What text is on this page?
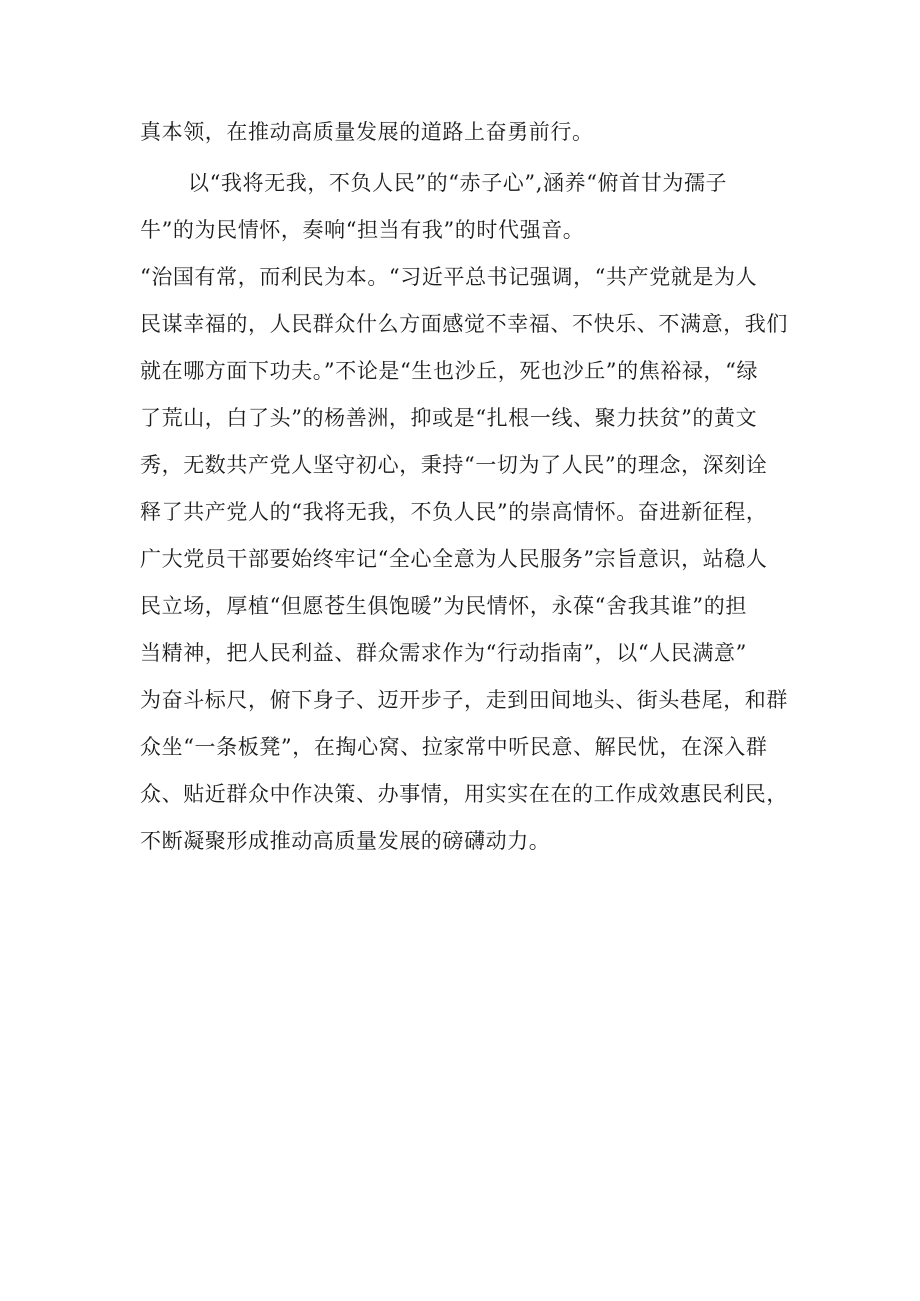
真本领，在推动高质量发展的道路上奋勇前行。
以“我将无我，不负人民”的“赤子心”,涵养“俯首甘为孺子
牛”的为民情怀，奏响“担当有我”的时代强音。
“治国有常，而利民为本。“习近平总书记强调，“共产党就是为人
民谋幸福的，人民群众什么方面感觉不幸福、不快乐、不满意，我们
就在哪方面下功夫。”不论是“生也沙丘，死也沙丘”的焦裕禄，“绿
了荒山，白了头”的杨善洲，抑或是“扎根一线、聚力扶贫”的黄文
秀，无数共产党人坚守初心，秉持“一切为了人民”的理念，深刻诠
释了共产党人的“我将无我，不负人民”的崇高情怀。奋进新征程，
广大党员干部要始终牢记“全心全意为人民服务”宗旨意识，站稳人
民立场，厚植“但愿苍生俱饱暖”为民情怀，永葆“舍我其谁”的担
当精神，把人民利益、群众需求作为“行动指南”，以“人民满意”
为奋斗标尺，俯下身子、迈开步子，走到田间地头、街头巷尾，和群
众坐“一条板凳”，在掏心窝、拉家常中听民意、解民忧，在深入群
众、贴近群众中作决策、办事情，用实实在在的工作成效惠民利民，
不断凝聚形成推动高质量发展的磅礴动力。
